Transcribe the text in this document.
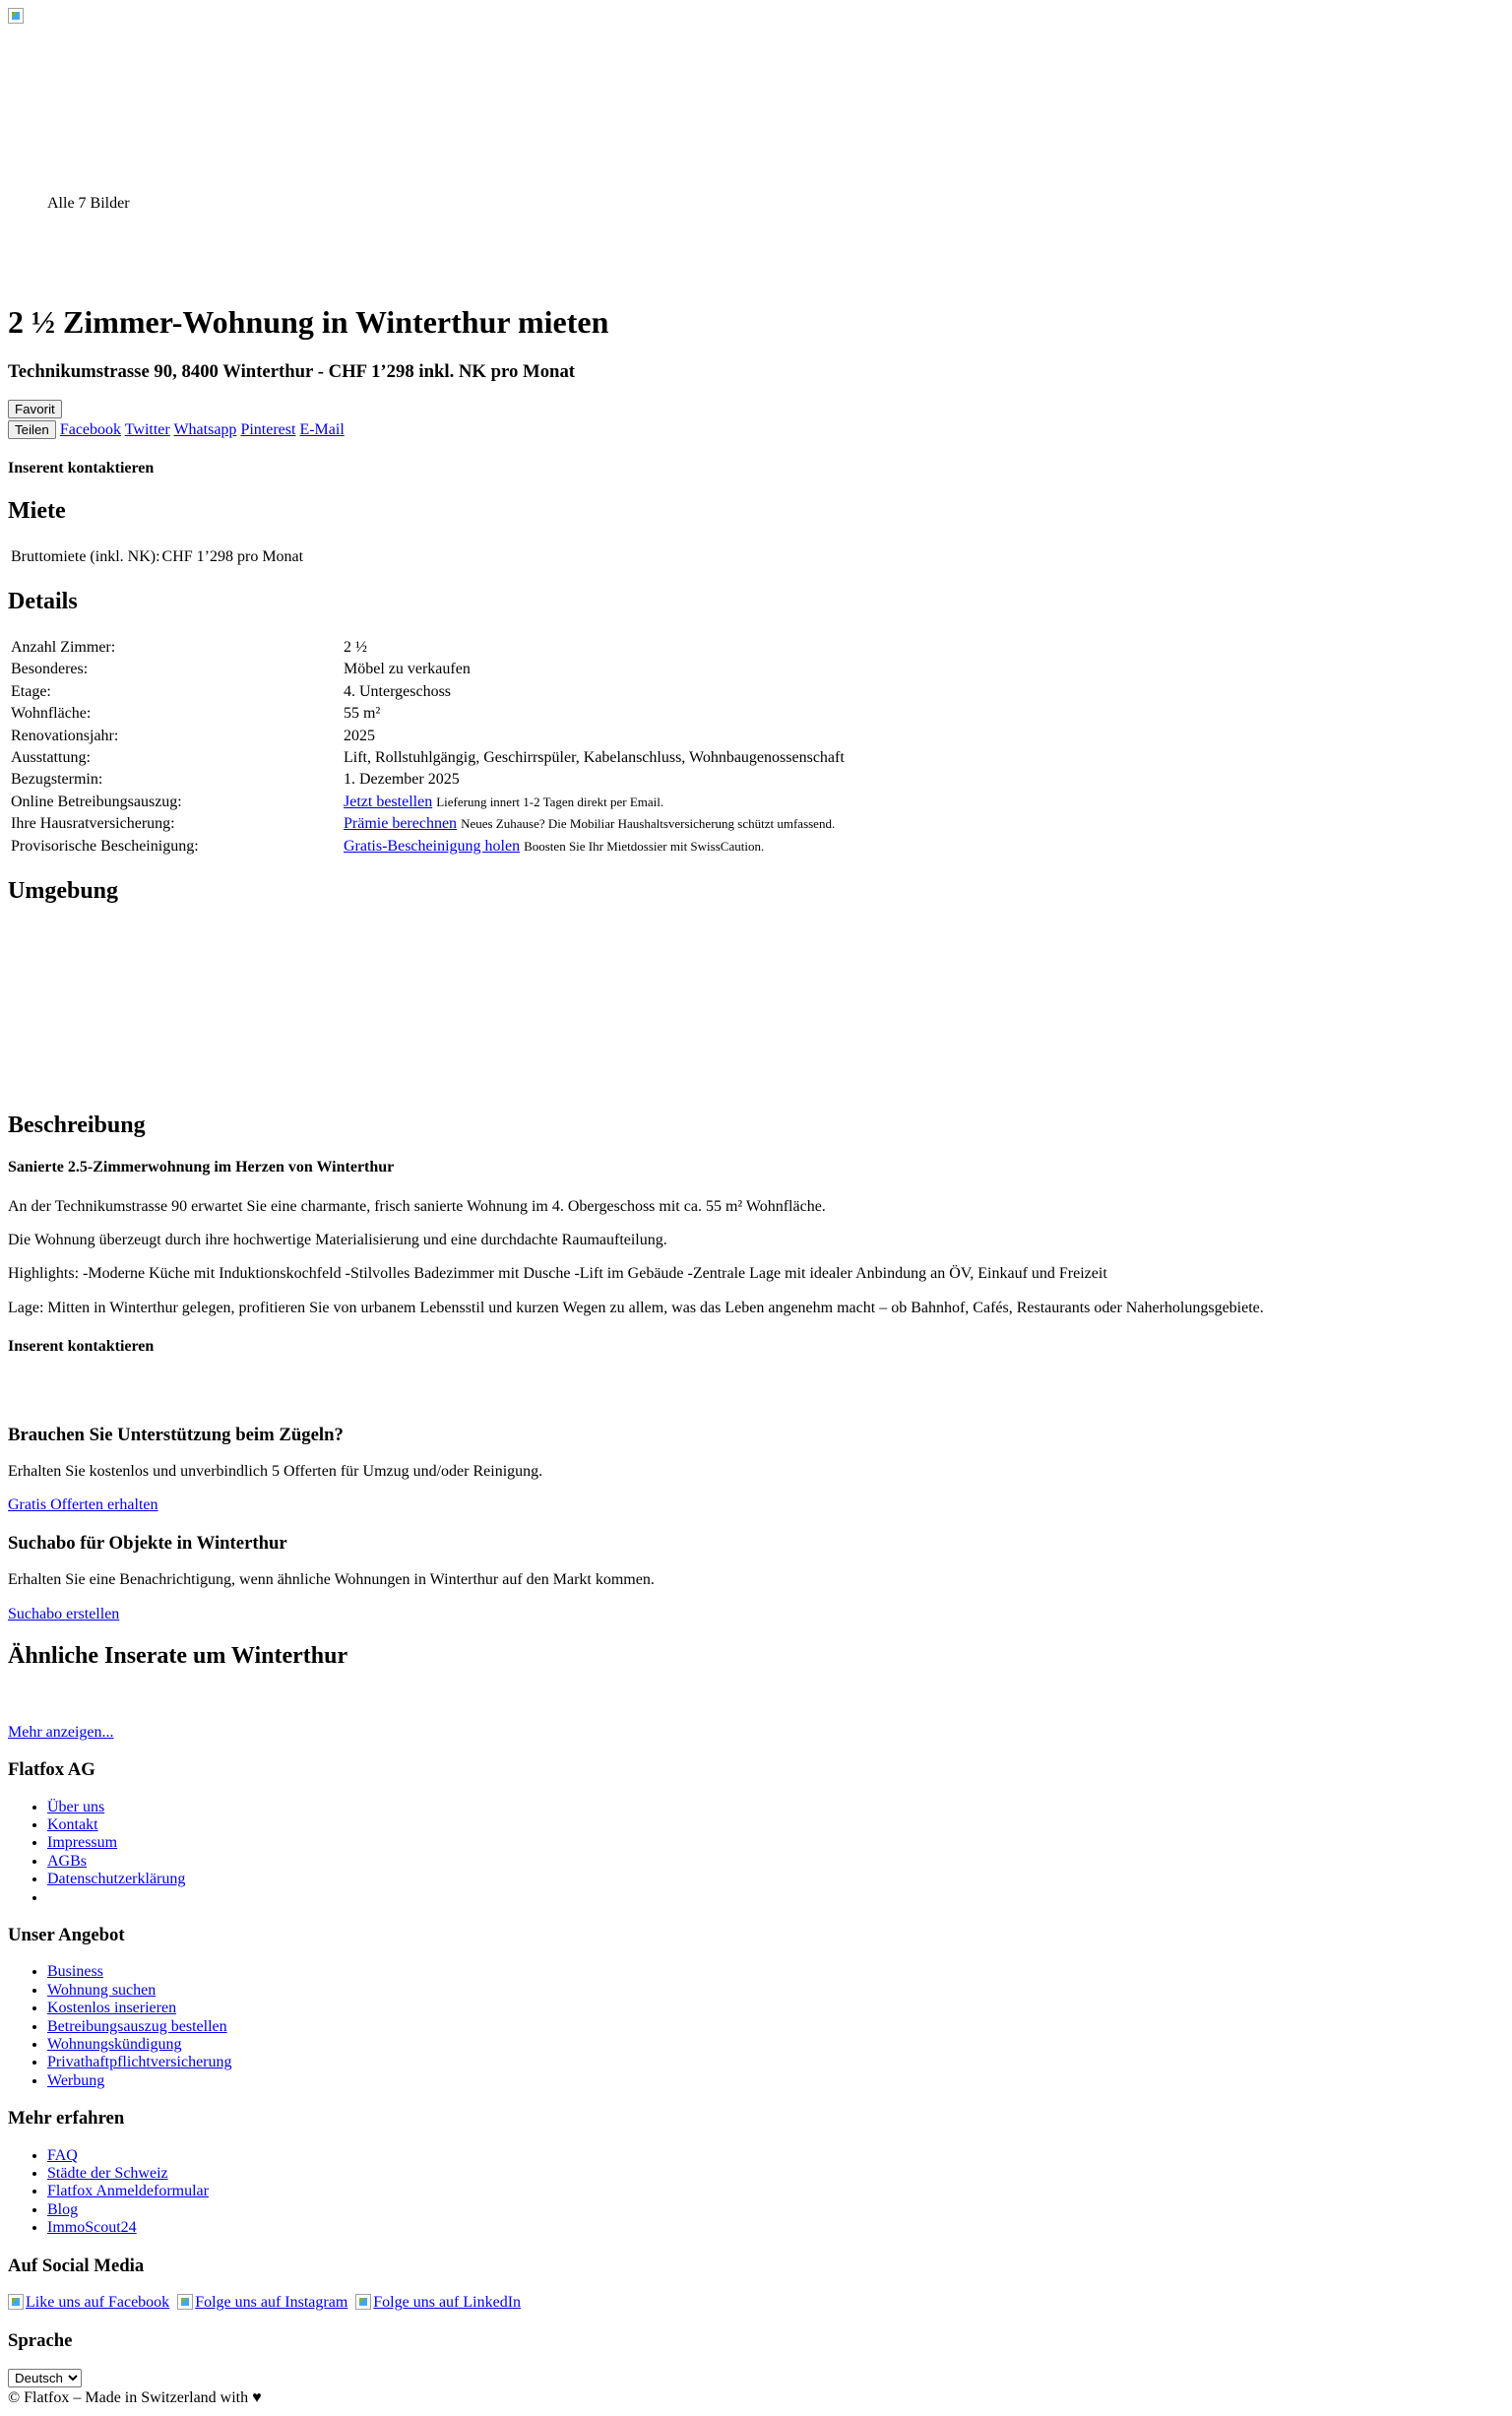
Alle 7 Bilder
2 ½ Zimmer-Wohnung in Winterthur mieten
Technikumstrasse 90, 8400 Winterthur - CHF 1’298 inkl. NK pro Monat
Favorit
Teilen Facebook Twitter Whatsapp Pinterest E-Mail
Inserent kontaktieren
Miete
Bruttomiete (inkl. NK):	CHF 1’298 pro Monat
Details
Anzahl Zimmer:	2 ½
Besonderes:	Möbel zu verkaufen
Etage:	4. Untergeschoss
Wohnfläche:	55 m²
Renovationsjahr:	2025
Ausstattung:	Lift, Rollstuhlgängig, Geschirrspüler, Kabelanschluss, Wohnbaugenossenschaft
Bezugstermin:	1. Dezember 2025
Online Betreibungsauszug:	Jetzt bestellen Lieferung innert 1-2 Tagen direkt per Email.
Ihre Hausratversicherung:	Prämie berechnen Neues Zuhause? Die Mobiliar Haushaltsversicherung schützt umfassend.
Provisorische Bescheinigung:	Gratis-Bescheinigung holen Boosten Sie Ihr Mietdossier mit SwissCaution.
Umgebung
Beschreibung
Sanierte 2.5-Zimmerwohnung im Herzen von Winterthur

An der Technikumstrasse 90 erwartet Sie eine charmante, frisch sanierte Wohnung im 4. Obergeschoss mit ca. 55 m² Wohnfläche.

Die Wohnung überzeugt durch ihre hochwertige Materialisierung und eine durchdachte Raumaufteilung.

Highlights: -Moderne Küche mit Induktionskochfeld -Stilvolles Badezimmer mit Dusche -Lift im Gebäude -Zentrale Lage mit idealer Anbindung an ÖV, Einkauf und Freizeit

Lage: Mitten in Winterthur gelegen, profitieren Sie von urbanem Lebensstil und kurzen Wegen zu allem, was das Leben angenehm macht – ob Bahnhof, Cafés, Restaurants oder Naherholungsgebiete.

Inserent kontaktieren
Brauchen Sie Unterstützung beim Zügeln?

Erhalten Sie kostenlos und unverbindlich 5 Offerten für Umzug und/oder Reinigung.

Gratis Offerten erhalten

Suchabo für Objekte in Winterthur

Erhalten Sie eine Benachrichtigung, wenn ähnliche Wohnungen in Winterthur auf den Markt kommen.

Suchabo erstellen

Ähnliche Inserate um Winterthur
Mehr anzeigen...
Flatfox AG
• Über uns
• Kontakt
• Impressum
• AGBs
• Datenschutzerklärung
•
Unser Angebot
• Business
• Wohnung suchen
• Kostenlos inserieren
• Betreibungsauszug bestellen
• Wohnungskündigung
• Privathaftpflichtversicherung
• Werbung
Mehr erfahren
• FAQ
• Städte der Schweiz
• Flatfox Anmeldeformular
• Blog
• ImmoScout24
Auf Social Media

Like uns auf Facebook Folge uns auf Instagram Folge uns auf LinkedIn

Sprache
Deutsch
© Flatfox – Made in Switzerland with ♥
